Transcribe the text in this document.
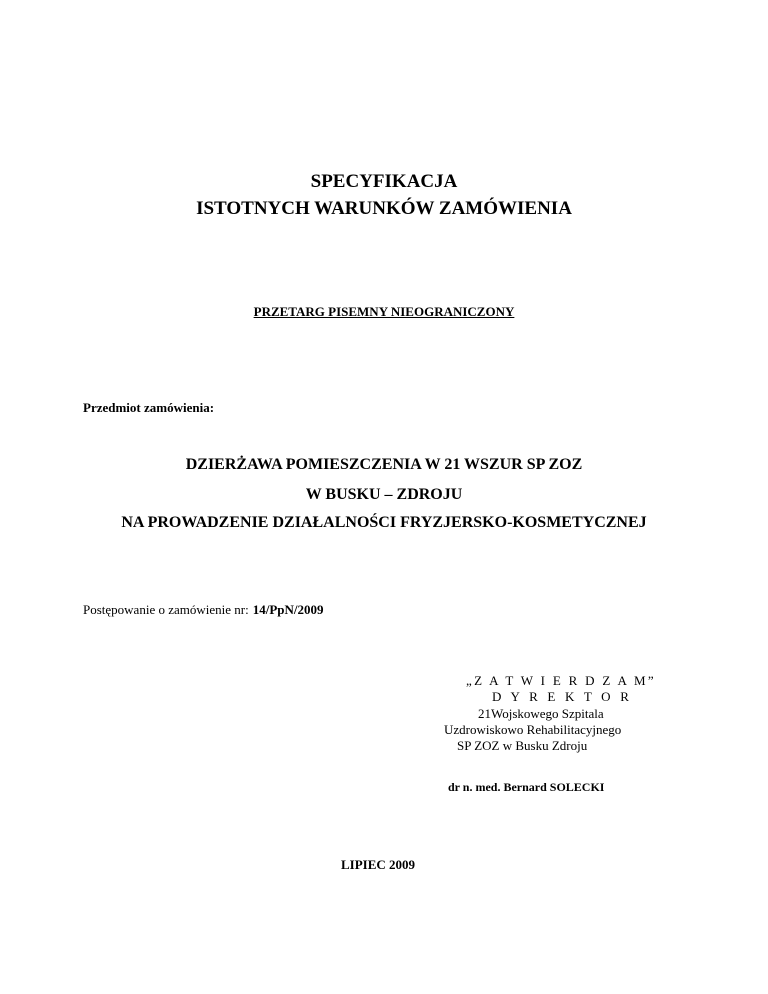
SPECYFIKACJA
ISTOTNYCH WARUNKÓW ZAMÓWIENIA
PRZETARG PISEMNY NIEOGRANICZONY
Przedmiot zamówienia:
DZIERŻAWA POMIESZCZENIA W 21 WSZUR SP ZOZ
W BUSKU – ZDROJU
NA PROWADZENIE DZIAŁALNOŚCI FRYZJERSKO-KOSMETYCZNEJ
Postępowanie o zamówienie nr: 14/PpN/2009
„Z A T W I E R D Z A M”
D Y R E K T O R
21Wojskowego Szpitala
Uzdrowiskowo Rehabilitacyjnego
SP ZOZ w Busku Zdroju
dr n. med. Bernard SOLECKI
LIPIEC 2009
